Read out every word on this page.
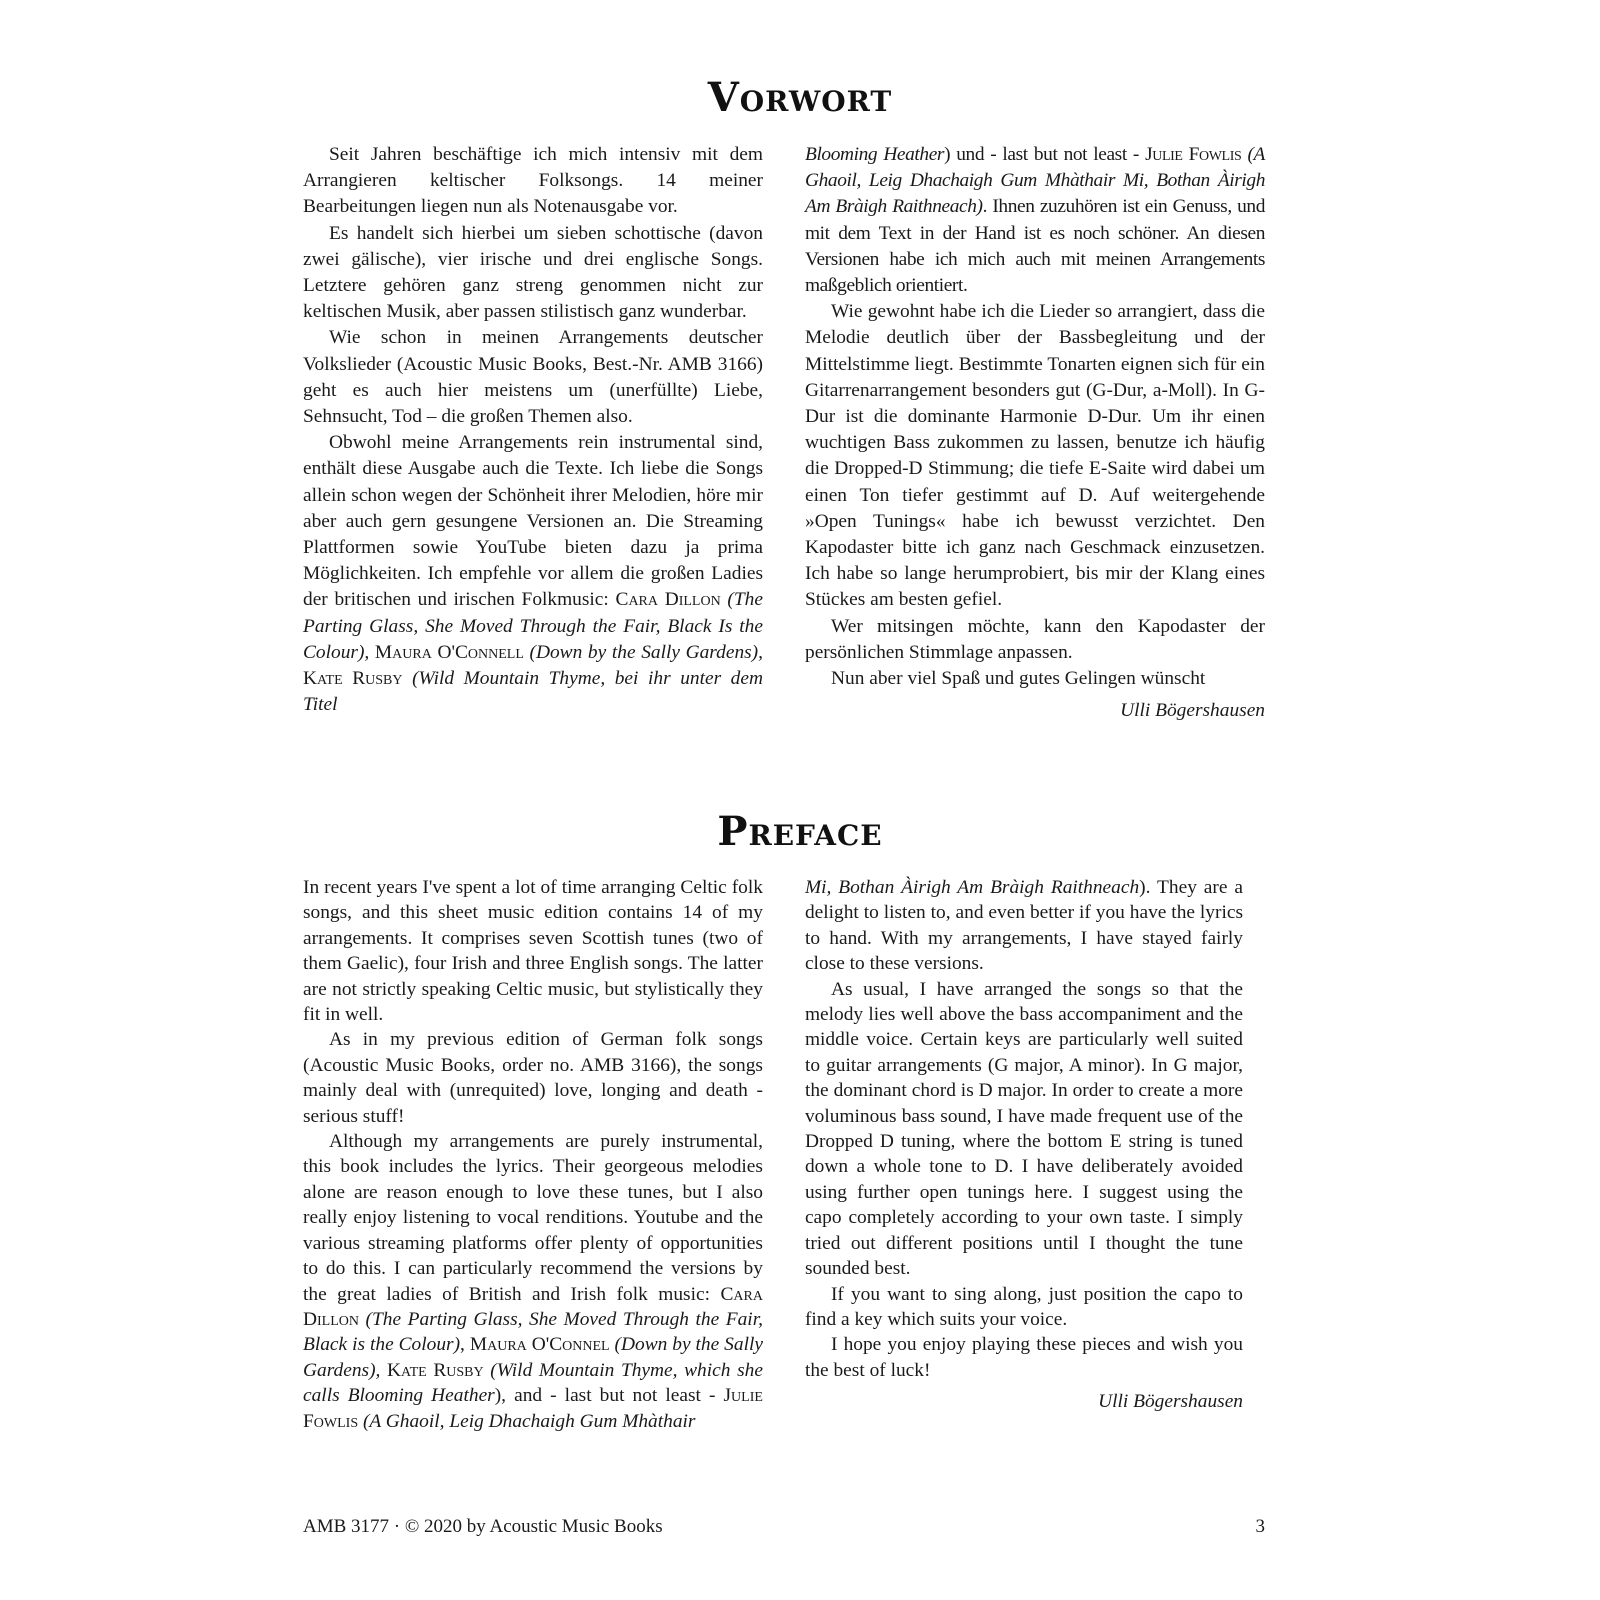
Vorwort

Seit Jahren beschäftige ich mich intensiv mit dem Arrangieren keltischer Folksongs. 14 meiner Bearbeitungen liegen nun als Notenausgabe vor.

Es handelt sich hierbei um sieben schottische (davon zwei gälische), vier irische und drei englische Songs. Letztere gehören ganz streng genommen nicht zur keltischen Musik, aber passen stilistisch ganz wunderbar.

Wie schon in meinen Arrangements deutscher Volkslieder (Acoustic Music Books, Best.-Nr. AMB 3166) geht es auch hier meistens um (unerfüllte) Liebe, Sehnsucht, Tod – die großen Themen also.

Obwohl meine Arrangements rein instrumental sind, enthält diese Ausgabe auch die Texte. Ich liebe die Songs allein schon wegen der Schönheit ihrer Melodien, höre mir aber auch gern gesungene Versionen an. Die Streaming Plattformen sowie YouTube bieten dazu ja prima Möglichkeiten. Ich empfehle vor allem die großen Ladies der britischen und irischen Folkmusic: Cara Dillon (The Parting Glass, She Moved Through the Fair, Black Is the Colour), Maura O'Connell (Down by the Sally Gardens), Kate Rusby (Wild Mountain Thyme, bei ihr unter dem Titel

Blooming Heather) und - last but not least - Julie Fowlis (A Ghaoil, Leig Dhachaigh Gum Mhàthair Mi, Bothan Àirigh Am Bràigh Raithneach). Ihnen zuzuhören ist ein Genuss, und mit dem Text in der Hand ist es noch schöner. An diesen Versionen habe ich mich auch mit meinen Arrangements maßgeblich orientiert.

Wie gewohnt habe ich die Lieder so arrangiert, dass die Melodie deutlich über der Bassbegleitung und der Mittelstimme liegt. Bestimmte Tonarten eignen sich für ein Gitarrenarrangement besonders gut (G-Dur, a-Moll). In G-Dur ist die dominante Harmonie D-Dur. Um ihr einen wuchtigen Bass zukommen zu lassen, benutze ich häufig die Dropped-D Stimmung; die tiefe E-Saite wird dabei um einen Ton tiefer gestimmt auf D. Auf weitergehende »Open Tunings« habe ich bewusst verzichtet. Den Kapodaster bitte ich ganz nach Geschmack einzusetzen. Ich habe so lange herumprobiert, bis mir der Klang eines Stückes am besten gefiel.

Wer mitsingen möchte, kann den Kapodaster der persönlichen Stimmlage anpassen.

Nun aber viel Spaß und gutes Gelingen wünscht

Ulli Bögershausen

Preface

In recent years I've spent a lot of time arranging Celtic folk songs, and this sheet music edition contains 14 of my arrangements. It comprises seven Scottish tunes (two of them Gaelic), four Irish and three English songs. The latter are not strictly speaking Celtic music, but stylistically they fit in well.

As in my previous edition of German folk songs (Acoustic Music Books, order no. AMB 3166), the songs mainly deal with (unrequited) love, longing and death - serious stuff!

Although my arrangements are purely instrumental, this book includes the lyrics. Their georgeous melodies alone are reason enough to love these tunes, but I also really enjoy listening to vocal renditions. Youtube and the various streaming platforms offer plenty of opportunities to do this. I can particularly recommend the versions by the great ladies of British and Irish folk music: Cara Dillon (The Parting Glass, She Moved Through the Fair, Black is the Colour), Maura O'Connel (Down by the Sally Gardens), Kate Rusby (Wild Mountain Thyme, which she calls Blooming Heather), and - last but not least - Julie Fowlis (A Ghaoil, Leig Dhachaigh Gum Mhàthair

Mi, Bothan Àirigh Am Bràigh Raithneach). They are a delight to listen to, and even better if you have the lyrics to hand. With my arrangements, I have stayed fairly close to these versions.

As usual, I have arranged the songs so that the melody lies well above the bass accompaniment and the middle voice. Certain keys are particularly well suited to guitar arrangements (G major, A minor). In G major, the dominant chord is D major. In order to create a more voluminous bass sound, I have made frequent use of the Dropped D tuning, where the bottom E string is tuned down a whole tone to D. I have deliberately avoided using further open tunings here. I suggest using the capo completely according to your own taste. I simply tried out different positions until I thought the tune sounded best.

If you want to sing along, just position the capo to find a key which suits your voice.

I hope you enjoy playing these pieces and wish you the best of luck!

Ulli Bögershausen

AMB 3177 · © 2020 by Acoustic Music Books	3
